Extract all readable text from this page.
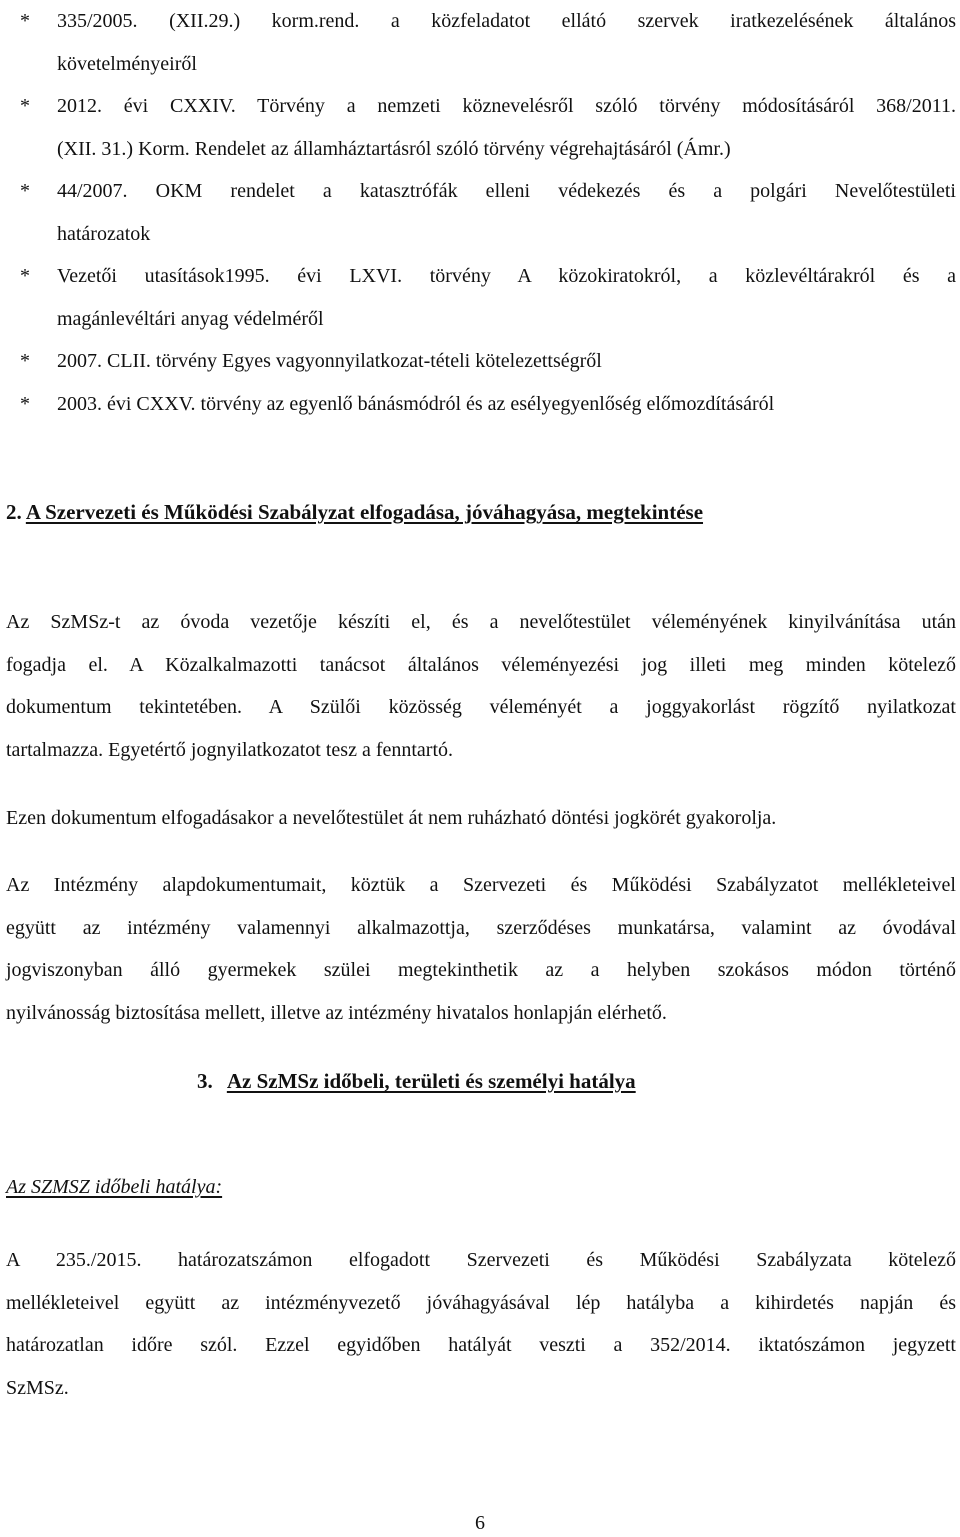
* 335/2005. (XII.29.) korm.rend. a közfeladatot ellátó szervek iratkezelésének általános
követelményeiről
* 2012. évi CXXIV. Törvény a nemzeti köznevelésről szóló törvény módosításáról 368/2011.
(XII. 31.) Korm. Rendelet az államháztartásról szóló törvény végrehajtásáról (Ámr.)
* 44/2007. OKM rendelet a katasztrófák elleni védekezés és a polgári Nevelőtestületi
határozatok
* Vezetői utasítások1995. évi LXVI. törvény A közokiratokról, a közlevéltárakról és a
magánlevéltári anyag védelméről
* 2007. CLII. törvény Egyes vagyonnyilatkozat-tételi kötelezettségről
* 2003. évi CXXV. törvény az egyenlő bánásmódról és az esélyegyenlőség előmozdításáról
2. A Szervezeti és Működési Szabályzat elfogadása, jóváhagyása, megtekintése

Az SzMSz-t az óvoda vezetője készíti el, és a nevelőtestület véleményének kinyilvánítása után
fogadja el. A Közalkalmazotti tanácsot általános véleményezési jog illeti meg minden kötelező
dokumentum tekintetében. A Szülői közösség véleményét a joggyakorlást rögzítő nyilatkozat
tartalmazza. Egyetértő jognyilatkozatot tesz a fenntartó.

Ezen dokumentum elfogadásakor a nevelőtestület át nem ruházható döntési jogkörét gyakorolja.

Az Intézmény alapdokumentumait, köztük a Szervezeti és Működési Szabályzatot mellékleteivel
együtt az intézmény valamennyi alkalmazottja, szerződéses munkatársa, valamint az óvodával
jogviszonyban álló gyermekek szülei megtekinthetik az a helyben szokásos módon történő
nyilvánosság biztosítása mellett, illetve az intézmény hivatalos honlapján elérhető.

3. Az SzMSz időbeli, területi és személyi hatálya
Az SZMSZ időbeli hatálya:

A 235./2015. határozatszámon elfogadott Szervezeti és Működési Szabályzata kötelező
mellékleteivel együtt az intézményvezető jóváhagyásával lép hatályba a kihirdetés napján és
határozatlan időre szól. Ezzel egyidőben hatályát veszti a 352/2014. iktatószámon jegyzett
SzMSz.

6
